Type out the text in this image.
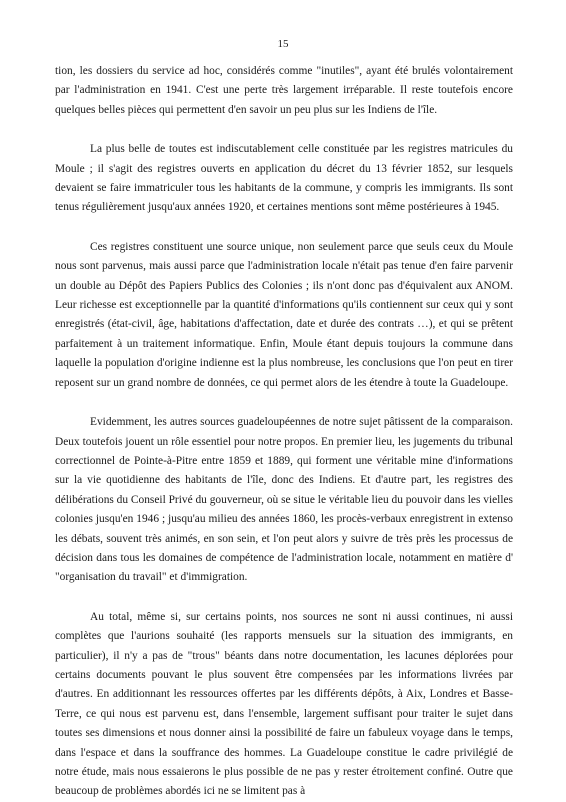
15

tion, les dossiers du service ad hoc, considérés comme "inutiles", ayant été brulés volontairement par l'administration en 1941. C'est une perte très largement irréparable. Il reste toutefois encore quelques belles pièces qui permettent d'en savoir un peu plus sur les Indiens de l'île.

La plus belle de toutes est indiscutablement celle constituée par les registres matricules du Moule ; il s'agit des registres ouverts en application du décret du 13 février 1852, sur lesquels devaient se faire immatriculer tous les habitants de la commune, y compris les immigrants. Ils sont tenus régulièrement jusqu'aux années 1920, et certaines mentions sont même postérieures à 1945.

Ces registres constituent une source unique, non seulement parce que seuls ceux du Moule nous sont parvenus, mais aussi parce que l'administration locale n'était pas tenue d'en faire parvenir un double au Dépôt des Papiers Publics des Colonies ; ils n'ont donc pas d'équivalent aux ANOM. Leur richesse est exceptionnelle par la quantité d'informations qu'ils contiennent sur ceux qui y sont enregistrés (état-civil, âge, habitations d'affectation, date et durée des contrats …), et qui se prêtent parfaitement à un traitement informatique. Enfin, Moule étant depuis toujours la commune dans laquelle la population d'origine indienne est la plus nombreuse, les conclusions que l'on peut en tirer reposent sur un grand nombre de données, ce qui permet alors de les étendre à toute la Guadeloupe.

Evidemment, les autres sources guadeloupéennes de notre sujet pâtissent de la comparaison. Deux toutefois jouent un rôle essentiel pour notre propos. En premier lieu, les jugements du tribunal correctionnel de Pointe-à-Pitre entre 1859 et 1889, qui forment une véritable mine d'informations sur la vie quotidienne des habitants de l'île, donc des Indiens. Et d'autre part, les registres des délibérations du Conseil Privé du gouverneur, où se situe le véritable lieu du pouvoir dans les vielles colonies jusqu'en 1946 ; jusqu'au milieu des années 1860, les procès-verbaux enregistrent in extenso les débats, souvent très animés, en son sein, et l'on peut alors y suivre de très près les processus de décision dans tous les domaines de compétence de l'administration locale, notamment en matière d' "organisation du travail" et d'immigration.

Au total, même si, sur certains points, nos sources ne sont ni aussi continues, ni aussi complètes que l'aurions souhaité (les rapports mensuels sur la situation des immigrants, en particulier), il n'y a pas de "trous" béants dans notre documentation, les lacunes déplorées pour certains documents pouvant le plus souvent être compensées par les informations livrées par d'autres. En additionnant les ressources offertes par les différents dépôts, à Aix, Londres et Basse-Terre, ce qui nous est parvenu est, dans l'ensemble, largement suffisant pour traiter le sujet dans toutes ses dimensions et nous donner ainsi la possibilité de faire un fabuleux voyage dans le temps, dans l'espace et dans la souffrance des hommes. La Guadeloupe constitue le cadre privilégié de notre étude, mais nous essaierons le plus possible de ne pas y rester étroitement confiné. Outre que beaucoup de problèmes abordés ici ne se limitent pas à
